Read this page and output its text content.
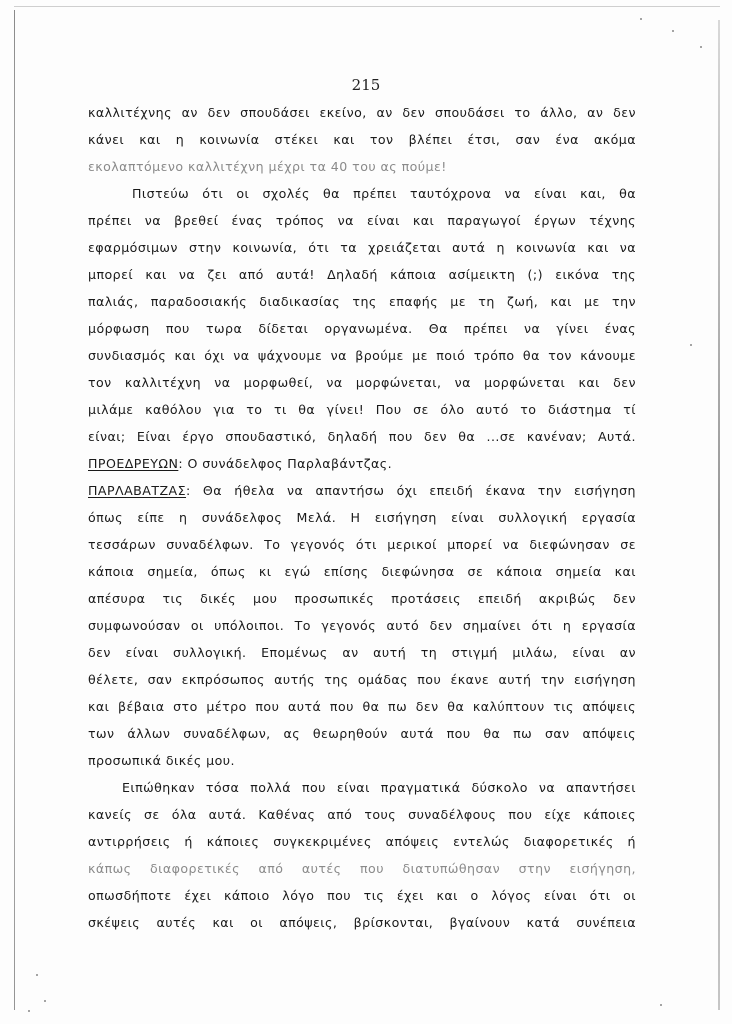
215
καλλιτέχνης αν δεν σπουδάσει εκείνο, αν δεν σπουδάσει το άλλο, αν δεν
κάνει και η κοινωνία στέκει και τον βλέπει έτσι, σαν ένα ακόμα
εκολαπτόμενο καλλιτέχνη μέχρι τα 40 του ας πούμε!
Πιστεύω ότι οι σχολές θα πρέπει ταυτόχρονα να είναι και, θα
πρέπει να βρεθεί ένας τρόπος να είναι και παραγωγοί έργων τέχνης
εφαρμόσιμων στην κοινωνία, ότι τα χρειάζεται αυτά η κοινωνία και να
μπορεί και να ζει από αυτά! Δηλαδή κάποια ασίμεικτη (;) εικόνα της
παλιάς, παραδοσιακής διαδικασίας της επαφής με τη ζωή, και με την
μόρφωση που τωρα δίδεται οργανωμένα. Θα πρέπει να γίνει ένας
συνδιασμός και όχι να ψάχνουμε να βρούμε με ποιό τρόπο θα τον κάνουμε
τον καλλιτέχνη να μορφωθεί, να μορφώνεται, να μορφώνεται και δεν
μιλάμε καθόλου για το τι θα γίνει! Που σε όλο αυτό το διάστημα τί
είναι; Είναι έργο σπουδαστικό, δηλαδή που δεν θα ...σε κανέναν; Αυτά.
ΠΡΟΕΔΡΕΥΩΝ: Ο συνάδελφος Παρλαβάντζας.
ΠΑΡΛΑΒΑΤΖΑΣ: Θα ήθελα να απαντήσω όχι επειδή έκανα την εισήγηση
όπως είπε η συνάδελφος Μελά. Η εισήγηση είναι συλλογική εργασία
τεσσάρων συναδέλφων. Το γεγονός ότι μερικοί μπορεί να διεφώνησαν σε
κάποια σημεία, όπως κι εγώ επίσης διεφώνησα σε κάποια σημεία και
απέσυρα τις δικές μου προσωπικές προτάσεις επειδή ακριβώς δεν
συμφωνούσαν οι υπόλοιποι. Το γεγονός αυτό δεν σημαίνει ότι η εργασία
δεν είναι συλλογική. Επομένως αν αυτή τη στιγμή μιλάω, είναι αν
θέλετε, σαν εκπρόσωπος αυτής της ομάδας που έκανε αυτή την εισήγηση
και βέβαια στο μέτρο που αυτά που θα πω δεν θα καλύπτουν τις απόψεις
των άλλων συναδέλφων, ας θεωρηθούν αυτά που θα πω σαν απόψεις
προσωπικά δικές μου.
Ειπώθηκαν τόσα πολλά που είναι πραγματικά δύσκολο να απαντήσει
κανείς σε όλα αυτά. Καθένας από τους συναδέλφους που είχε κάποιες
αντιρρήσεις ή κάποιες συγκεκριμένες απόψεις εντελώς διαφορετικές ή
κάπως διαφορετικές από αυτές που διατυπώθησαν στην εισήγηση,
οπωσδήποτε έχει κάποιο λόγο που τις έχει και ο λόγος είναι ότι οι
σκέψεις αυτές και οι απόψεις, βρίσκονται, βγαίνουν κατά συνέπεια
